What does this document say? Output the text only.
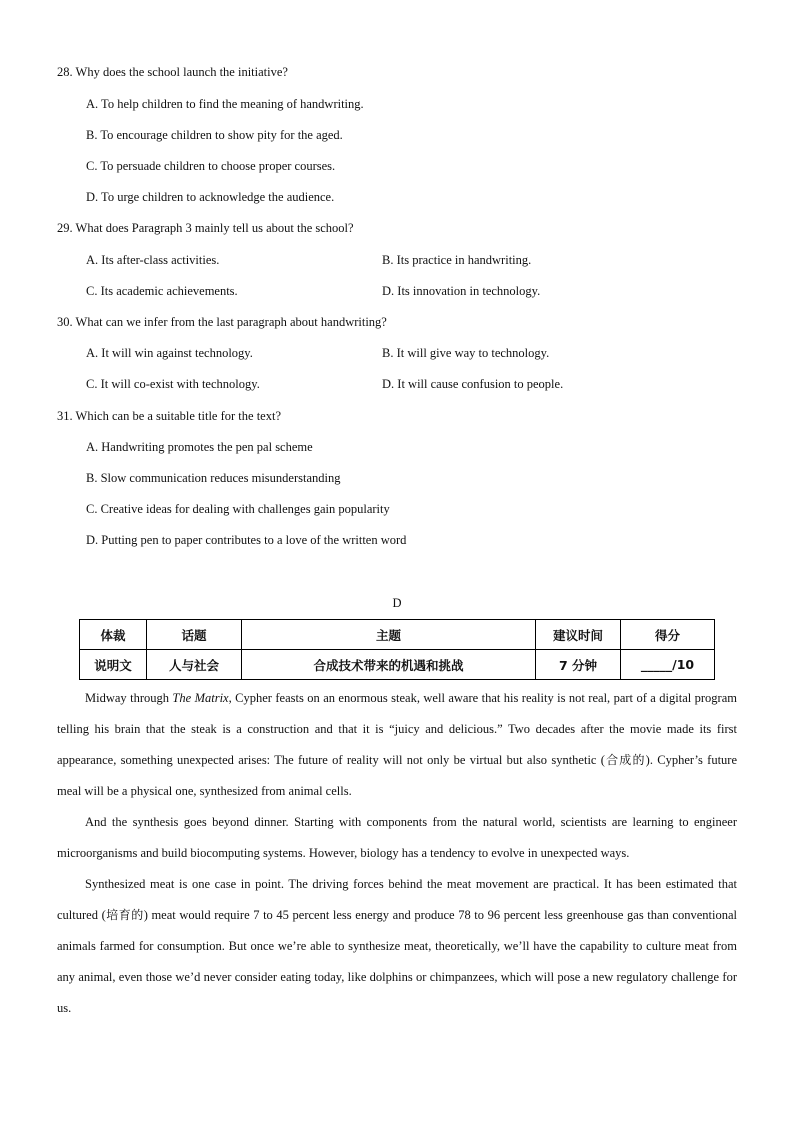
28. Why does the school launch the initiative?
A. To help children to find the meaning of handwriting.
B. To encourage children to show pity for the aged.
C. To persuade children to choose proper courses.
D. To urge children to acknowledge the audience.
29. What does Paragraph 3 mainly tell us about the school?
A. Its after-class activities.	B. Its practice in handwriting.
C. Its academic achievements.	D. Its innovation in technology.
30. What can we infer from the last paragraph about handwriting?
A. It will win against technology.	B. It will give way to technology.
C. It will co-exist with technology.	D. It will cause confusion to people.
31. Which can be a suitable title for the text?
A. Handwriting promotes the pen pal scheme
B. Slow communication reduces misunderstanding
C. Creative ideas for dealing with challenges gain popularity
D. Putting pen to paper contributes to a love of the written word
D
体裁	话题	主题	建议时间	得分
说明文	人与社会	合成技术带来的机遇和挑战	7 分钟	_____/10

Midway through The Matrix, Cypher feasts on an enormous steak, well aware that his reality is not real, part of a digital program telling his brain that the steak is a construction and that it is “juicy and delicious.” Two decades after the movie made its first appearance, something unexpected arises: The future of reality will not only be virtual but also synthetic (合成的). Cypher’s future meal will be a physical one, synthesized from animal cells.

And the synthesis goes beyond dinner. Starting with components from the natural world, scientists are learning to engineer microorganisms and build biocomputing systems. However, biology has a tendency to evolve in unexpected ways.

Synthesized meat is one case in point. The driving forces behind the meat movement are practical. It has been estimated that cultured (培育的) meat would require 7 to 45 percent less energy and produce 78 to 96 percent less greenhouse gas than conventional animals farmed for consumption. But once we’re able to synthesize meat, theoretically, we’ll have the capability to culture meat from any animal, even those we’d never consider eating today, like dolphins or chimpanzees, which will pose a new regulatory challenge for us.
